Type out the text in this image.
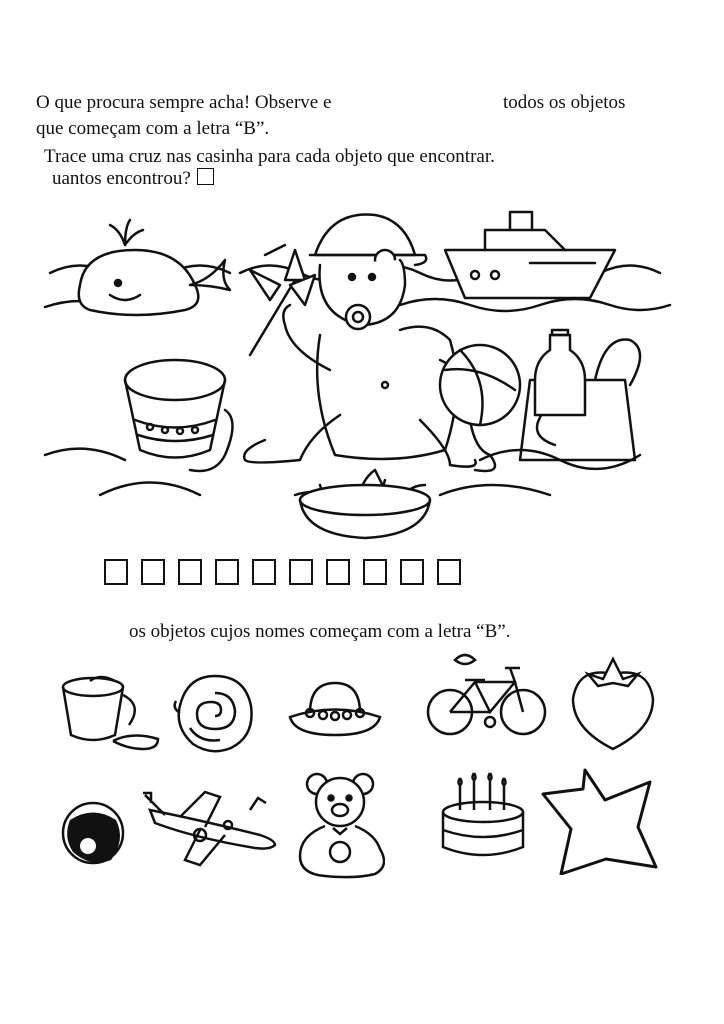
O que procura sempre acha! Observe e	todos os objetos
que começam com a letra “B”.
Trace uma cruz nas casinha para cada objeto que encontrar.
uantos encontrou?
os objetos cujos nomes começam com a letra “B”.
